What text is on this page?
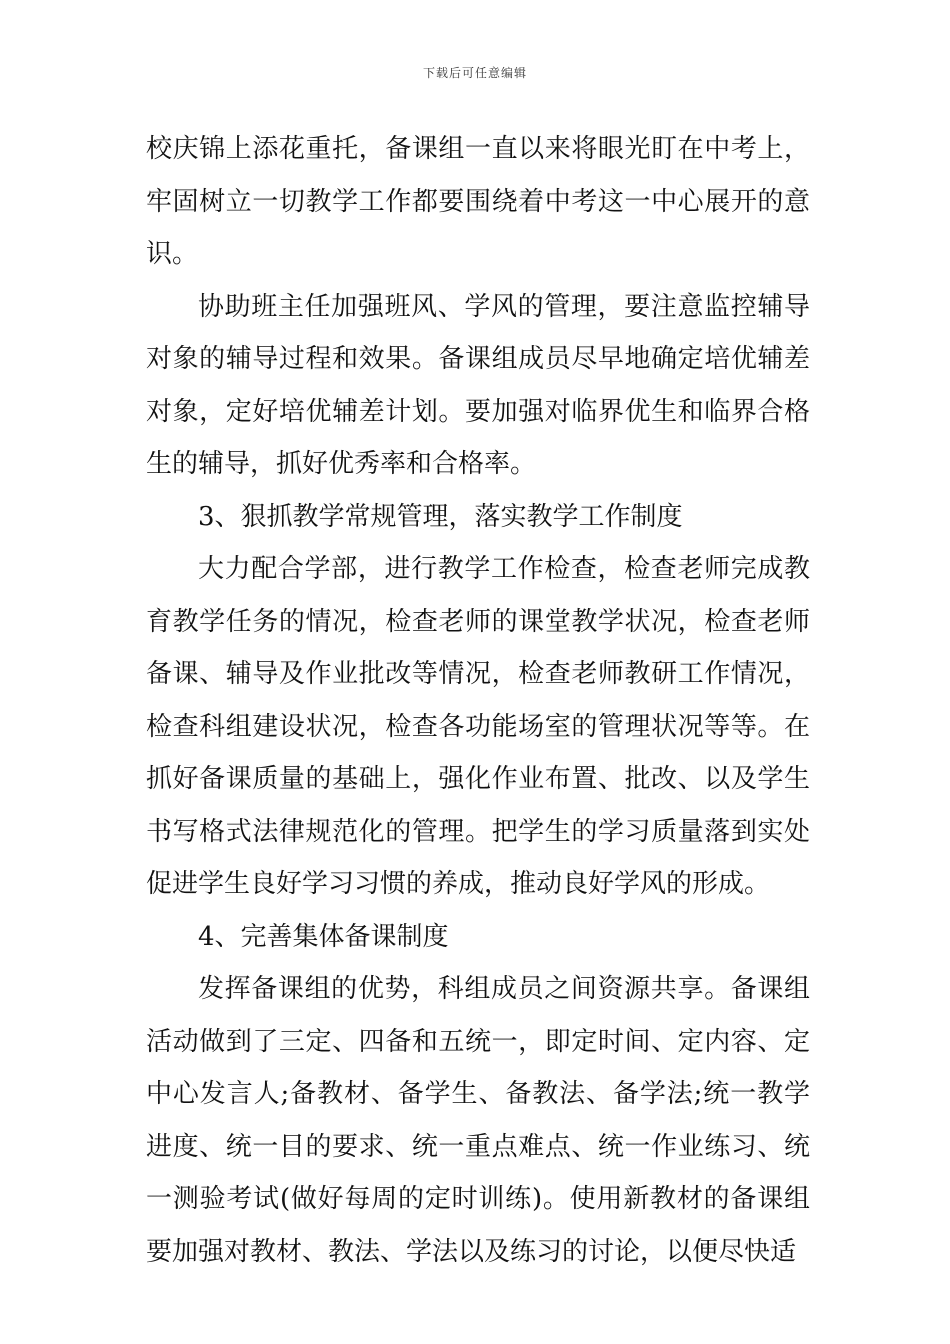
下载后可任意编辑

校庆锦上添花重托，备课组一直以来将眼光盯在中考上，牢固树立一切教学工作都要围绕着中考这一中心展开的意识。

协助班主任加强班风、学风的管理，要注意监控辅导对象的辅导过程和效果。备课组成员尽早地确定培优辅差对象，定好培优辅差计划。要加强对临界优生和临界合格生的辅导，抓好优秀率和合格率。

3、狠抓教学常规管理，落实教学工作制度

大力配合学部，进行教学工作检查，检查老师完成教育教学任务的情况，检查老师的课堂教学状况，检查老师备课、辅导及作业批改等情况，检查老师教研工作情况，检查科组建设状况，检查各功能场室的管理状况等等。在抓好备课质量的基础上，强化作业布置、批改、以及学生书写格式法律规范化的管理。把学生的学习质量落到实处促进学生良好学习习惯的养成，推动良好学风的形成。

4、完善集体备课制度

发挥备课组的优势，科组成员之间资源共享。备课组活动做到了三定、四备和五统一，即定时间、定内容、定中心发言人;备教材、备学生、备教法、备学法;统一教学进度、统一目的要求、统一重点难点、统一作业练习、统一测验考试(做好每周的定时训练)。使用新教材的备课组要加强对教材、教法、学法以及练习的讨论，以便尽快适
